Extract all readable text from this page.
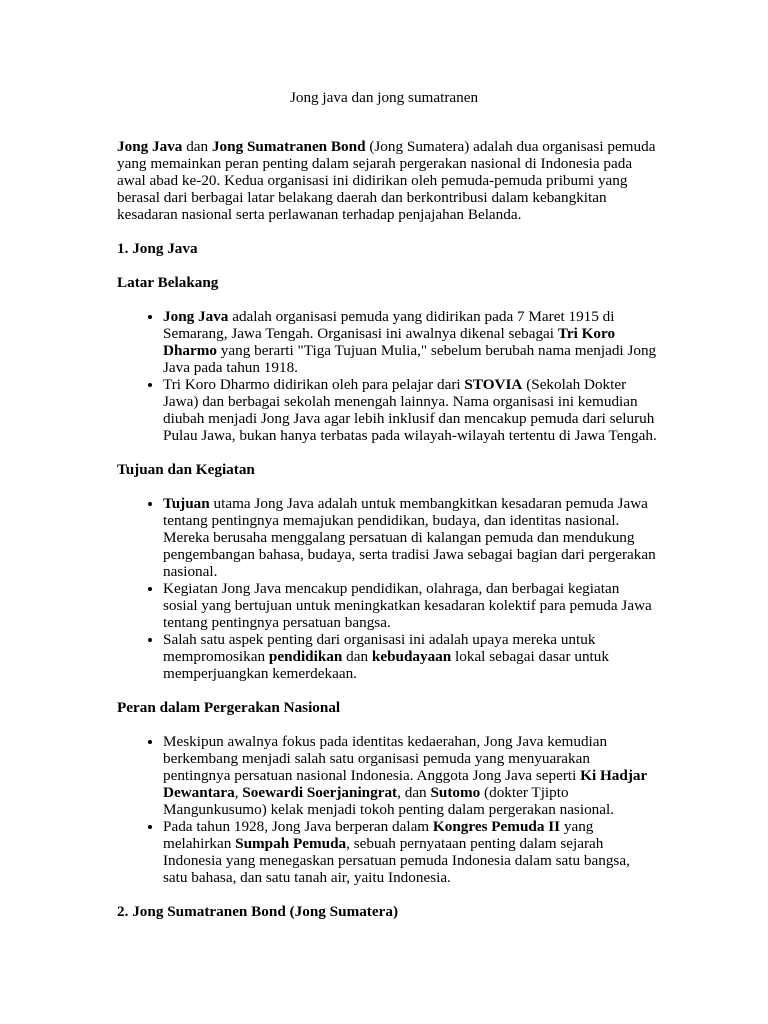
Jong java dan jong sumatranen

Jong Java dan Jong Sumatranen Bond (Jong Sumatera) adalah dua organisasi pemuda yang memainkan peran penting dalam sejarah pergerakan nasional di Indonesia pada awal abad ke-20. Kedua organisasi ini didirikan oleh pemuda-pemuda pribumi yang berasal dari berbagai latar belakang daerah dan berkontribusi dalam kebangkitan kesadaran nasional serta perlawanan terhadap penjajahan Belanda.

1. Jong Java
Latar Belakang
• Jong Java adalah organisasi pemuda yang didirikan pada 7 Maret 1915 di Semarang, Jawa Tengah. Organisasi ini awalnya dikenal sebagai Tri Koro Dharmo yang berarti "Tiga Tujuan Mulia," sebelum berubah nama menjadi Jong Java pada tahun 1918.
• Tri Koro Dharmo didirikan oleh para pelajar dari STOVIA (Sekolah Dokter Jawa) dan berbagai sekolah menengah lainnya. Nama organisasi ini kemudian diubah menjadi Jong Java agar lebih inklusif dan mencakup pemuda dari seluruh Pulau Jawa, bukan hanya terbatas pada wilayah-wilayah tertentu di Jawa Tengah.
Tujuan dan Kegiatan
• Tujuan utama Jong Java adalah untuk membangkitkan kesadaran pemuda Jawa tentang pentingnya memajukan pendidikan, budaya, dan identitas nasional. Mereka berusaha menggalang persatuan di kalangan pemuda dan mendukung pengembangan bahasa, budaya, serta tradisi Jawa sebagai bagian dari pergerakan nasional.
• Kegiatan Jong Java mencakup pendidikan, olahraga, dan berbagai kegiatan sosial yang bertujuan untuk meningkatkan kesadaran kolektif para pemuda Jawa tentang pentingnya persatuan bangsa.
• Salah satu aspek penting dari organisasi ini adalah upaya mereka untuk mempromosikan pendidikan dan kebudayaan lokal sebagai dasar untuk memperjuangkan kemerdekaan.
Peran dalam Pergerakan Nasional
• Meskipun awalnya fokus pada identitas kedaerahan, Jong Java kemudian berkembang menjadi salah satu organisasi pemuda yang menyuarakan pentingnya persatuan nasional Indonesia. Anggota Jong Java seperti Ki Hadjar Dewantara, Soewardi Soerjaningrat, dan Sutomo (dokter Tjipto Mangunkusumo) kelak menjadi tokoh penting dalam pergerakan nasional.
• Pada tahun 1928, Jong Java berperan dalam Kongres Pemuda II yang melahirkan Sumpah Pemuda, sebuah pernyataan penting dalam sejarah Indonesia yang menegaskan persatuan pemuda Indonesia dalam satu bangsa, satu bahasa, dan satu tanah air, yaitu Indonesia.
2. Jong Sumatranen Bond (Jong Sumatera)
